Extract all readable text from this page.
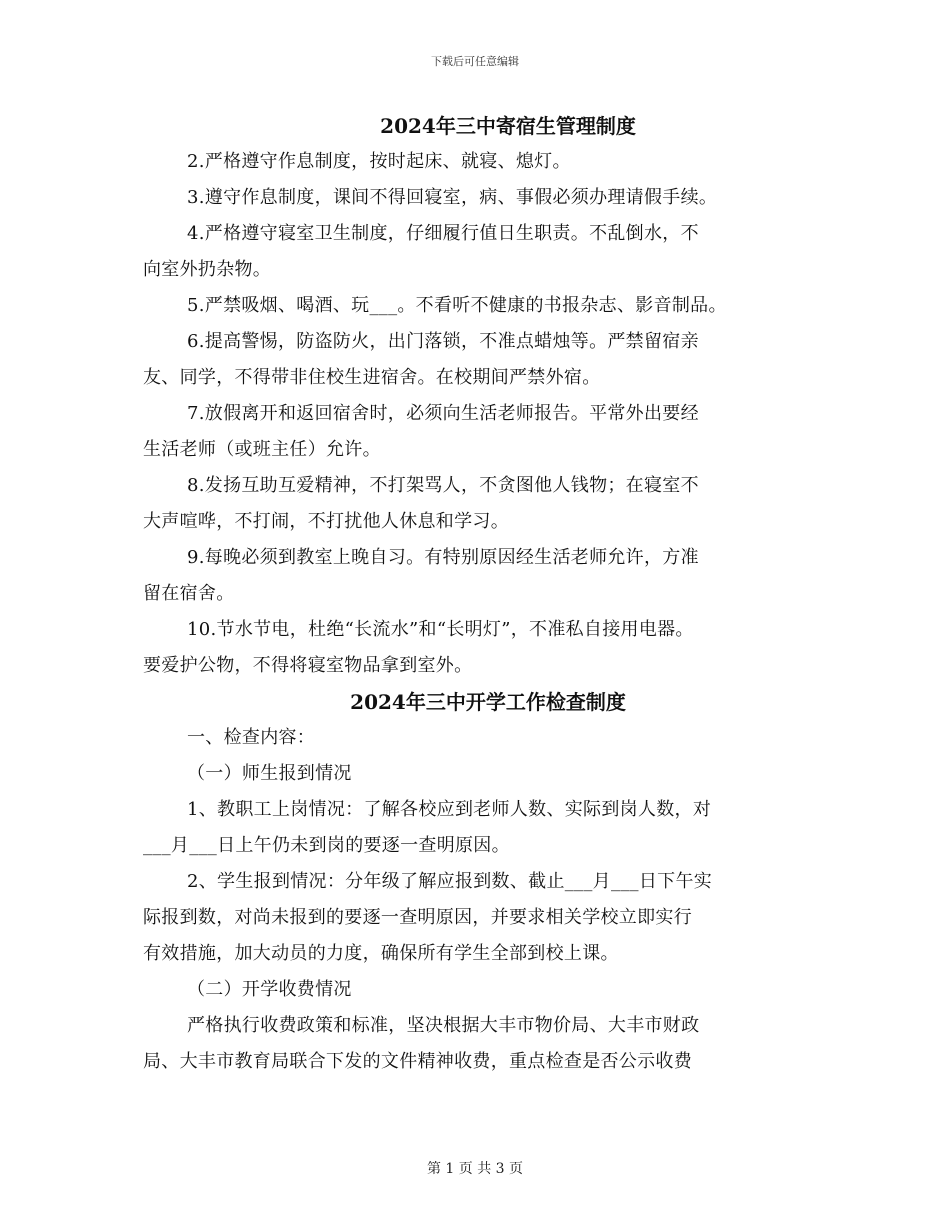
下载后可任意编辑
2024年三中寄宿生管理制度
2.严格遵守作息制度，按时起床、就寝、熄灯。
3.遵守作息制度，课间不得回寝室，病、事假必须办理请假手续。
4.严格遵守寝室卫生制度，仔细履行值日生职责。不乱倒水，不
向室外扔杂物。
5.严禁吸烟、喝酒、玩___。不看听不健康的书报杂志、影音制品。
6.提高警惕，防盗防火，出门落锁，不准点蜡烛等。严禁留宿亲
友、同学，不得带非住校生进宿舍。在校期间严禁外宿。
7.放假离开和返回宿舍时，必须向生活老师报告。平常外出要经
生活老师（或班主任）允许。
8.发扬互助互爱精神，不打架骂人，不贪图他人钱物；在寝室不
大声喧哗，不打闹，不打扰他人休息和学习。
9.每晚必须到教室上晚自习。有特别原因经生活老师允许，方准
留在宿舍。
10.节水节电，杜绝“长流水”和“长明灯”，不准私自接用电器。
要爱护公物，不得将寝室物品拿到室外。
2024年三中开学工作检查制度
一、检查内容：
（一）师生报到情况
1、教职工上岗情况：了解各校应到老师人数、实际到岗人数，对
___月___日上午仍未到岗的要逐一查明原因。
2、学生报到情况：分年级了解应报到数、截止___月___日下午实
际报到数，对尚未报到的要逐一查明原因，并要求相关学校立即实行
有效措施，加大动员的力度，确保所有学生全部到校上课。
（二）开学收费情况
严格执行收费政策和标准，坚决根据大丰市物价局、大丰市财政
局、大丰市教育局联合下发的文件精神收费，重点检查是否公示收费
第 1 页 共 3 页
